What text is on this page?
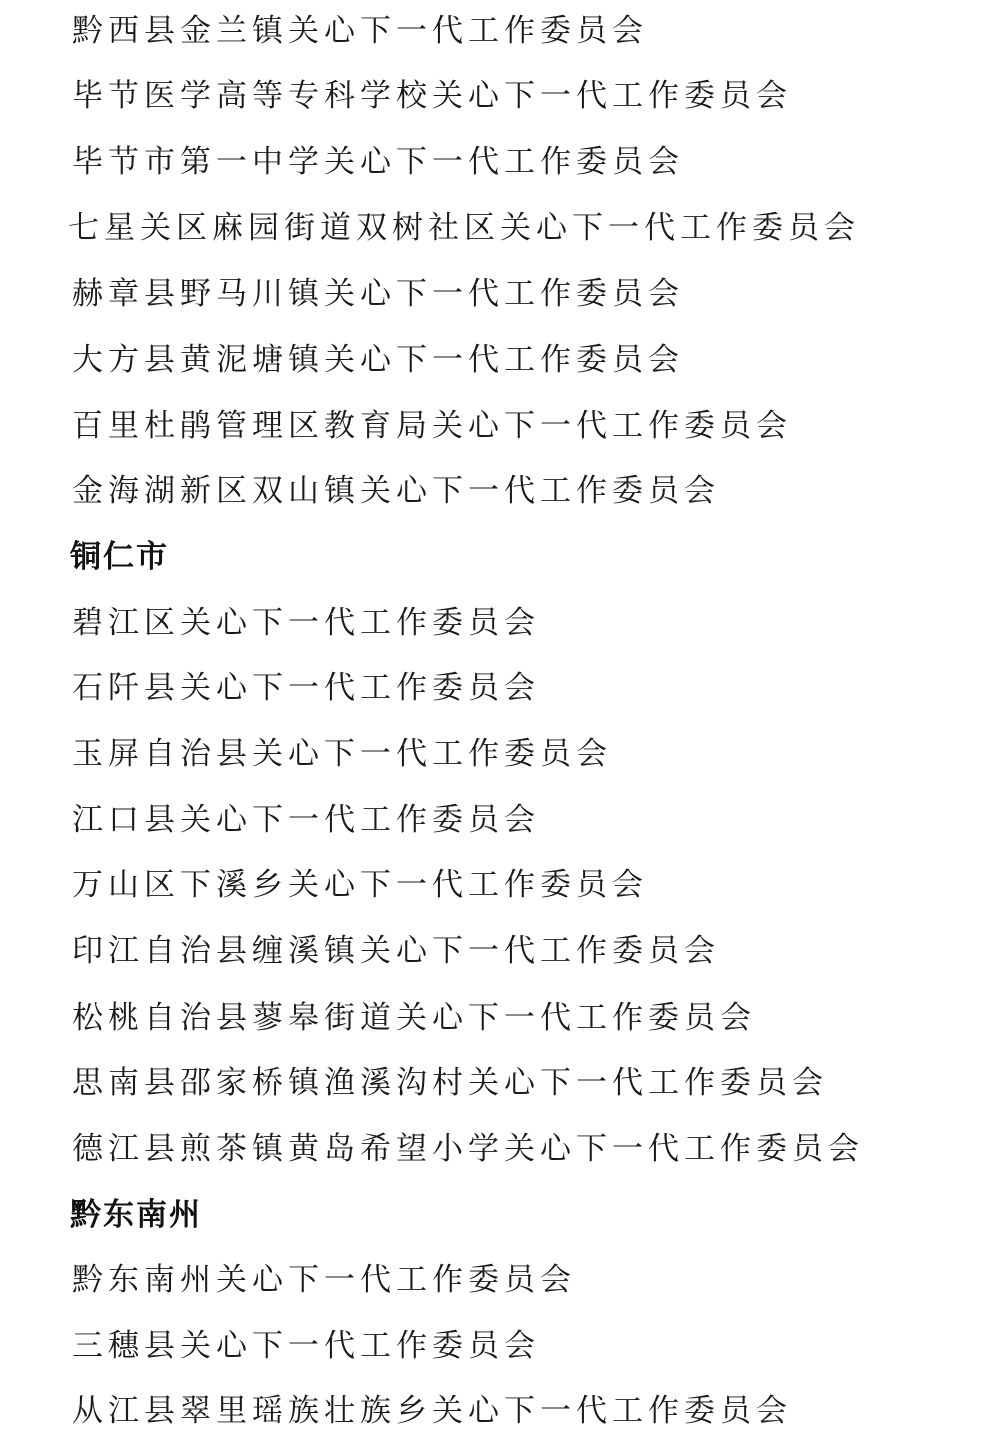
黔西县金兰镇关心下一代工作委员会
毕节医学高等专科学校关心下一代工作委员会
毕节市第一中学关心下一代工作委员会
七星关区麻园街道双树社区关心下一代工作委员会
赫章县野马川镇关心下一代工作委员会
大方县黄泥塘镇关心下一代工作委员会
百里杜鹃管理区教育局关心下一代工作委员会
金海湖新区双山镇关心下一代工作委员会
铜仁市
碧江区关心下一代工作委员会
石阡县关心下一代工作委员会
玉屏自治县关心下一代工作委员会
江口县关心下一代工作委员会
万山区下溪乡关心下一代工作委员会
印江自治县缠溪镇关心下一代工作委员会
松桃自治县蓼皋街道关心下一代工作委员会
思南县邵家桥镇渔溪沟村关心下一代工作委员会
德江县煎茶镇黄岛希望小学关心下一代工作委员会
黔东南州
黔东南州关心下一代工作委员会
三穗县关心下一代工作委员会
从江县翠里瑶族壮族乡关心下一代工作委员会
